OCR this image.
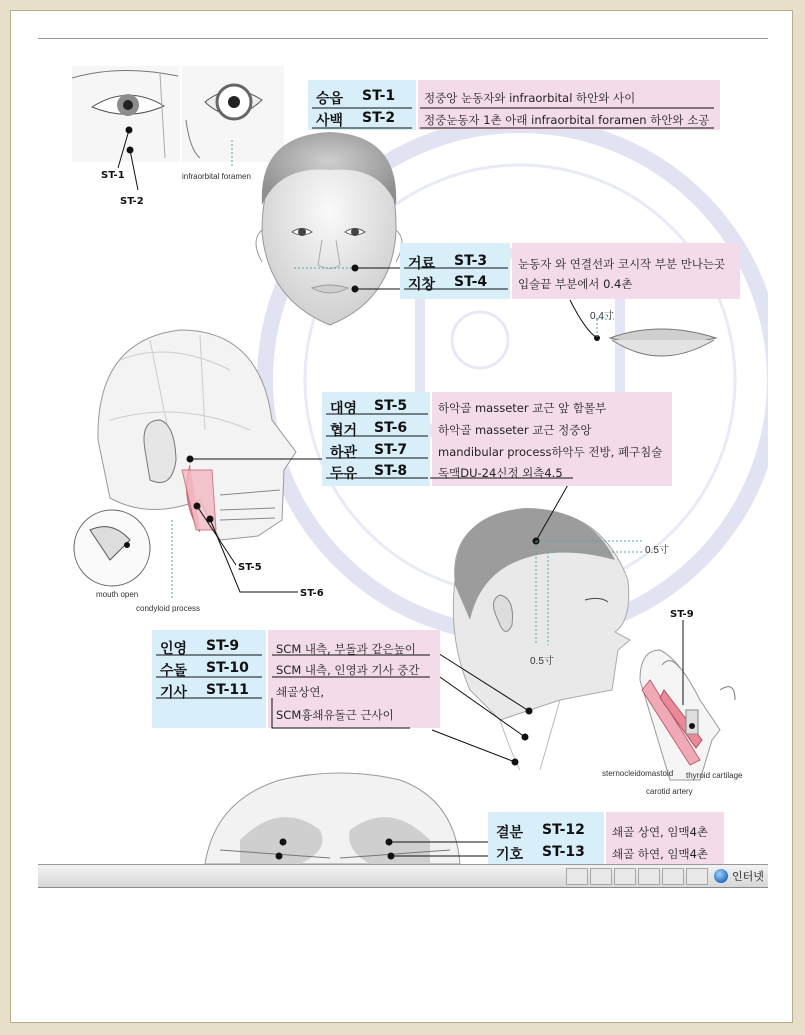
승읍 ST-1	정중앙 눈동자와 infraorbital 하안와 사이
사백 ST-2	정중눈동자 1촌 아래 infraorbital foramen 하안와 소공
거료 ST-3	눈동자 와 연결선과 코시작 부분 만나는곳
지창 ST-4	입술끝 부분에서 0.4촌
대영 ST-5	하악골 masseter 교근 앞 함몰부
협거 ST-6	하악골 masseter 교근 정중앙
하관 ST-7	mandibular process하악두 전방, 폐구침술
두유 ST-8	독맥DU-24신정 외측4.5
인영 ST-9	SCM 내측, 부돌과 같은높이
수돌 ST-10 SCM 내측, 인영과 기사 중간
기사 ST-11 쇄골상연,
SCM흉쇄유돌근 근사이
결분 ST-12 쇄골 상연, 임맥4촌
기호 ST-13 쇄골 하연, 임맥4촌
ST-1
ST-2
infraorbital foramen
0.4寸
ST-5
ST-6
mouth open
condyloid process
0.5寸
0.5寸
ST-9
sternocleidomastoid thyroid cartilage
carotid artery
인터넷
